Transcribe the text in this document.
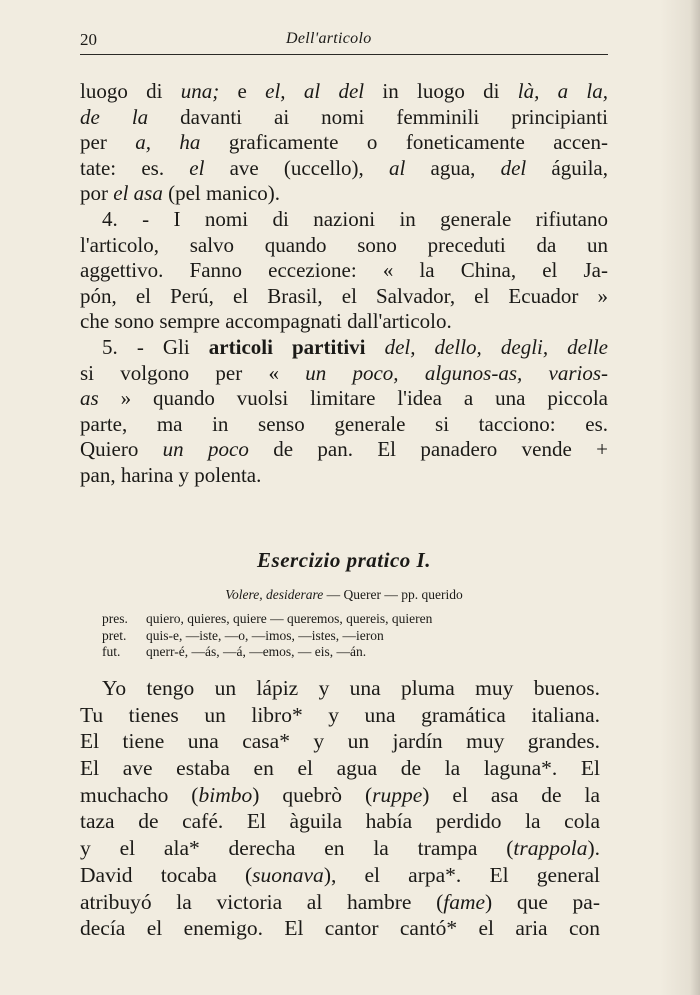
20	Dell'articolo
luogo di una; e el, al del in luogo di là, a la,
de la davanti ai nomi femminili principianti
per a, ha graficamente o foneticamente accen-
tate: es. el ave (uccello), al agua, del águila,
por el asa (pel manico).
4. - I nomi di nazioni in generale rifiutano
l'articolo, salvo quando sono preceduti da un
aggettivo. Fanno eccezione: « la China, el Ja-
pón, el Perú, el Brasil, el Salvador, el Ecuador »
che sono sempre accompagnati dall'articolo.
5. - Gli articoli partitivi del, dello, degli, delle
si volgono per « un poco, algunos-as, varios-
as » quando vuolsi limitare l'idea a una piccola
parte, ma in senso generale si tacciono: es.
Quiero un poco de pan. El panadero vende +
pan, harina y polenta.
Esercizio pratico I.
Volere, desiderare — Querer — pp. querido
pres.	quiero, quieres, quiere — queremos, quereis, quieren
pret.	quis-e, —iste, —o, —imos, —istes, —ieron
fut.	qnerr-é, —ás, —á, —emos, — eis, —án.
Yo tengo un lápiz y una pluma muy buenos.
Tu tienes un libro* y una gramática italiana.
El tiene una casa* y un jardín muy grandes.
El ave estaba en el agua de la laguna*. El
muchacho (bimbo) quebrò (ruppe) el asa de la
taza de café. El àguila había perdido la cola
y el ala* derecha en la trampa (trappola).
David tocaba (suonava), el arpa*. El general
atribuyó la victoria al hambre (fame) que pa-
decía el enemigo. El cantor cantó* el aria con
